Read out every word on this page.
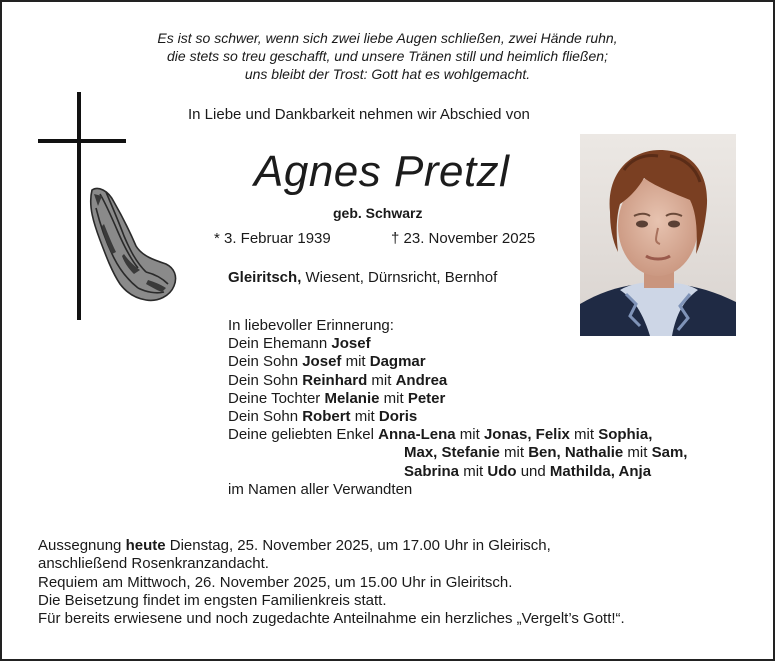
Es ist so schwer, wenn sich zwei liebe Augen schließen, zwei Hände ruhn,
die stets so treu geschafft, und unsere Tränen still und heimlich fließen;
uns bleibt der Trost: Gott hat es wohlgemacht.
In Liebe und Dankbarkeit nehmen wir Abschied von
Agnes Pretzl
geb. Schwarz
* 3. Februar 1939	† 23. November 2025
Gleiritsch, Wiesent, Dürnsricht, Bernhof
In liebevoller Erinnerung:
Dein Ehemann Josef
Dein Sohn Josef mit Dagmar
Dein Sohn Reinhard mit Andrea
Deine Tochter Melanie mit Peter
Dein Sohn Robert mit Doris
Deine geliebten Enkel Anna-Lena mit Jonas, Felix mit Sophia,
Max, Stefanie mit Ben, Nathalie mit Sam,
Sabrina mit Udo und Mathilda, Anja
im Namen aller Verwandten
Aussegnung heute Dienstag, 25. November 2025, um 17.00 Uhr in Gleirisch,
anschließend Rosenkranzandacht.
Requiem am Mittwoch, 26. November 2025, um 15.00 Uhr in Gleiritsch.
Die Beisetzung findet im engsten Familienkreis statt.
Für bereits erwiesene und noch zugedachte Anteilnahme ein herzliches „Vergelt’s Gott!“.
